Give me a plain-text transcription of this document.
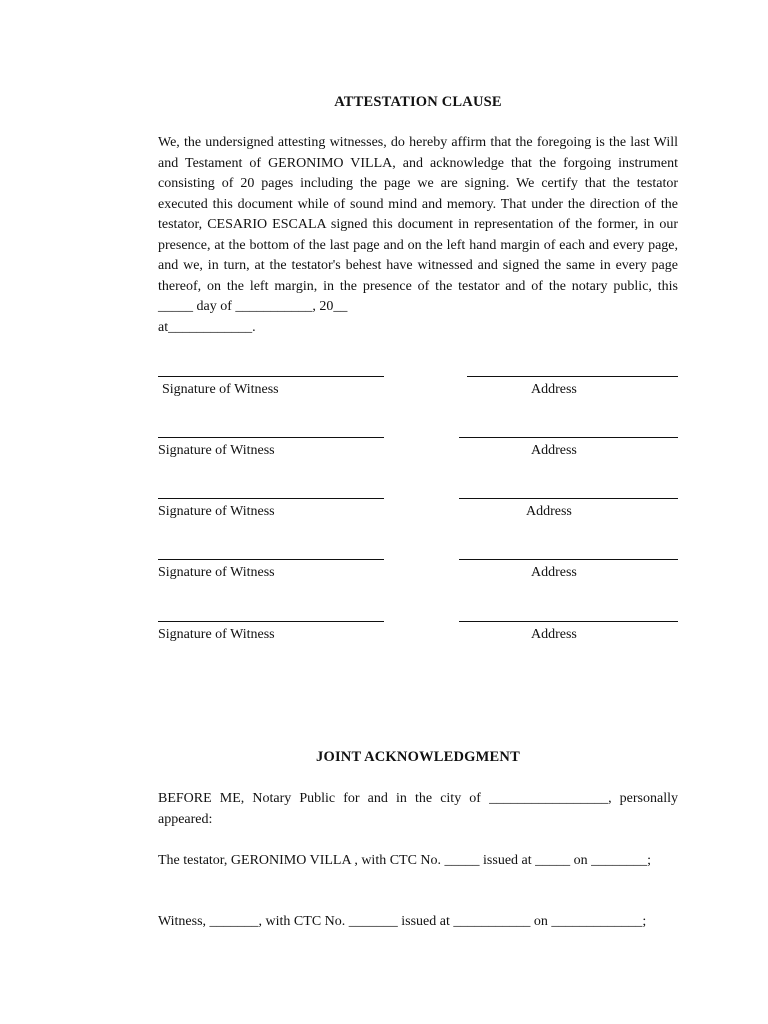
ATTESTATION CLAUSE
We, the undersigned attesting witnesses, do hereby affirm that the foregoing is the last Will and Testament of GERONIMO VILLA, and acknowledge that the forgoing instrument consisting of 20 pages including the page we are signing. We certify that the testator executed this document while of sound mind and memory. That under the direction of the testator, CESARIO ESCALA signed this document in representation of the former, in our presence, at the bottom of the last page and on the left hand margin of each and every page, and we, in turn, at the testator's behest have witnessed and signed the same in every page thereof, on the left margin, in the presence of the testator and of the notary public, this _____ day of ___________, 20__
at____________.
Signature of Witness	Address
Signature of Witness	Address
Signature of Witness	Address
Signature of Witness	Address
Signature of Witness	Address
JOINT ACKNOWLEDGMENT
BEFORE ME, Notary Public for and in the city of _________________, personally appeared:
The testator, GERONIMO VILLA , with CTC No. _____ issued at _____ on ________;
Witness, _______, with CTC No. _______ issued at ___________ on _____________;
